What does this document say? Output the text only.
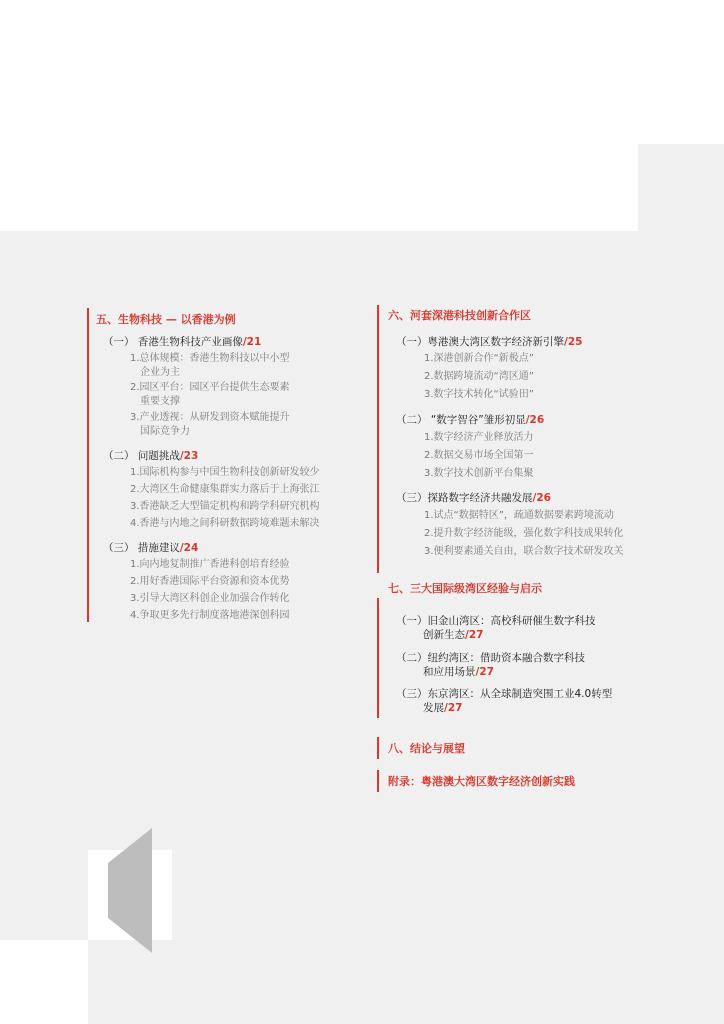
五、生物科技 — 以香港为例
（一） 香港生物科技产业画像/21
1.总体规模：香港生物科技以中小型
企业为主
2.园区平台：园区平台提供生态要素
重要支撑
3.产业透视：从研发到资本赋能提升
国际竞争力
（二） 问题挑战/23
1.国际机构参与中国生物科技创新研发较少
2.大湾区生命健康集群实力落后于上海张江
3.香港缺乏大型锚定机构和跨学科研究机构
4.香港与内地之间科研数据跨境难题未解决
（三） 措施建议/24
1.向内地复制推广香港科创培育经验
2.用好香港国际平台资源和资本优势
3.引导大湾区科创企业加强合作转化
4.争取更多先行制度落地港深创科园
六、河套深港科技创新合作区
（一）粤港澳大湾区数字经济新引擎/25
1.深港创新合作“新极点”
2.数据跨境流动“湾区通”
3.数字技术转化“试验田”
（二） “数字智谷”雏形初显/26
1.数字经济产业释放活力
2.数据交易市场全国第一
3.数字技术创新平台集聚
（三）探路数字经济共融发展/26
1.试点“数据特区”，疏通数据要素跨境流动
2.提升数字经济能级，强化数字科技成果转化
3.便利要素通关自由，联合数字技术研发攻关
七、三大国际级湾区经验与启示
（一）旧金山湾区：高校科研催生数字科技
创新生态/27
（二）纽约湾区：借助资本融合数字科技
和应用场景/27
（三）东京湾区：从全球制造突围工业4.0转型
发展/27
八、结论与展望
附录：粤港澳大湾区数字经济创新实践
